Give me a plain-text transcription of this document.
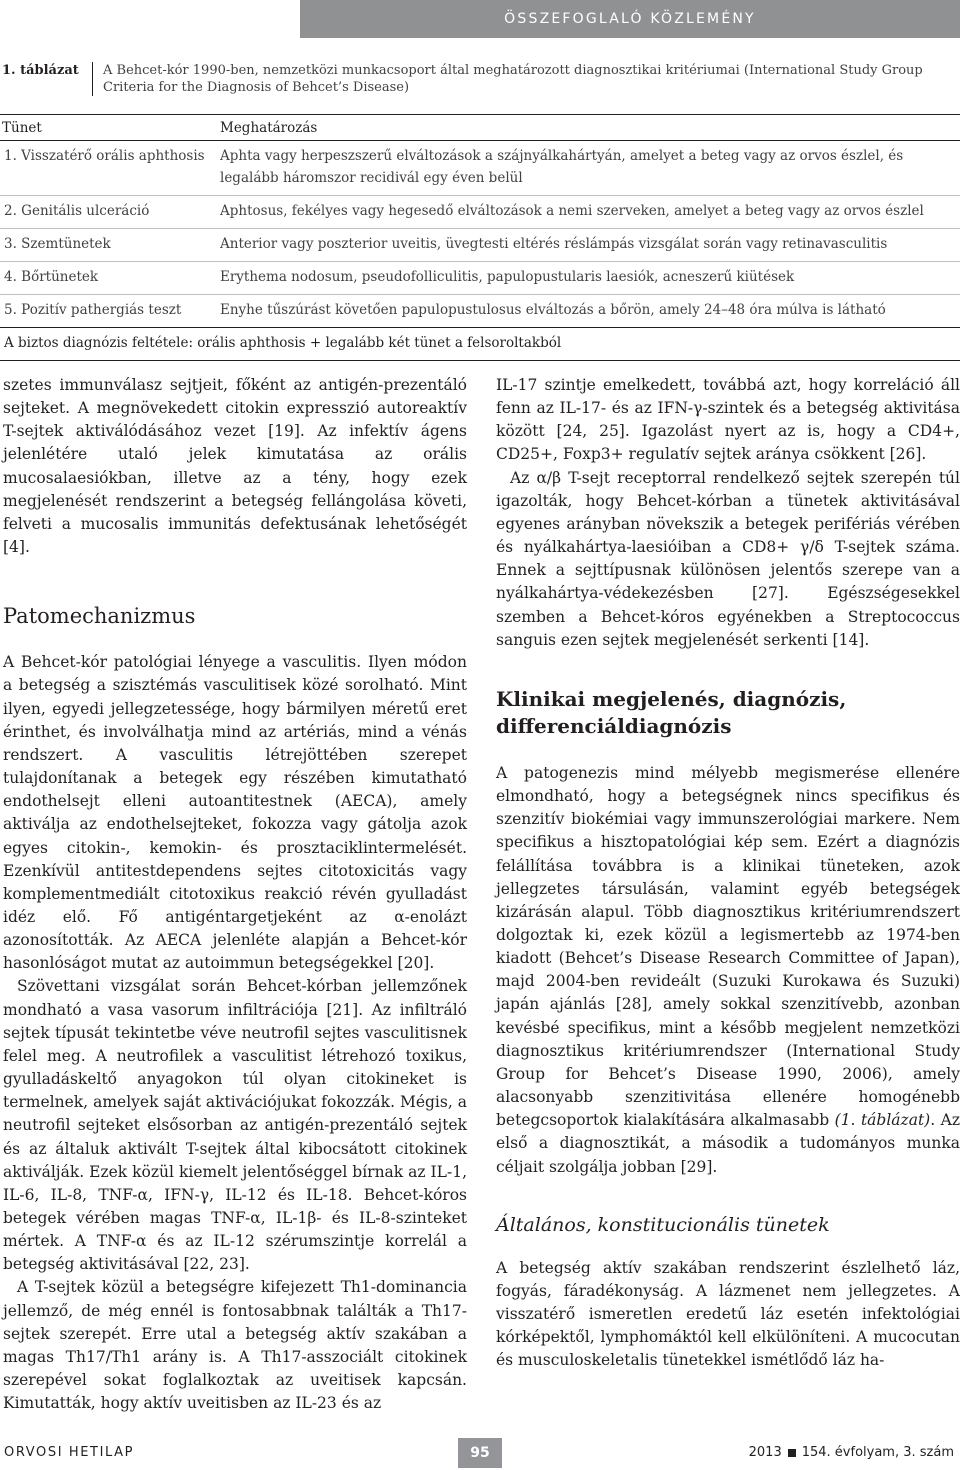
ÖSSZEFOGLALÓ KÖZLEMÉNY
1. táblázat	A Behcet-kór 1990-ben, nemzetközi munkacsoport által meghatározott diagnosztikai kritériumai (International Study Group Criteria for the Diagnosis of Behcet’s Disease)
Tünet	Meghatározás
1. Visszatérő orális aphthosis	Aphta vagy herpeszszerű elváltozások a szájnyálkahártyán, amelyet a beteg vagy az orvos észlel, és legalább háromszor recidivál egy éven belül
2. Genitális ulceráció	Aphtosus, fekélyes vagy hegesedő elváltozások a nemi szerveken, amelyet a beteg vagy az orvos észlel
3. Szemtünetek	Anterior vagy poszterior uveitis, üvegtesti eltérés réslámpás vizsgálat során vagy retinavasculitis
4. Bőrtünetek	Erythema nodosum, pseudofolliculitis, papulopustularis laesiók, acneszerű kiütések
5. Pozitív pathergiás teszt	Enyhe tűszúrást követően papulopustulosus elváltozás a bőrön, amely 24–48 óra múlva is látható
A biztos diagnózis feltétele: orális aphthosis + legalább két tünet a felsoroltakból	

szetes immunválasz sejtjeit, főként az antigén-prezentáló sejteket. A megnövekedett citokin expresszió autoreaktív T-sejtek aktiválódásához vezet [19]. Az infektív ágens jelenlétére utaló jelek kimutatása az orális mucosalaesiókban, illetve az a tény, hogy ezek megjelenését rendszerint a betegség fellángolása követi, felveti a mucosalis immunitás defektusának lehetőségét [4].

Patomechanizmus

A Behcet-kór patológiai lényege a vasculitis. Ilyen módon a betegség a szisztémás vasculitisek közé sorolható. Mint ilyen, egyedi jellegzetessége, hogy bármilyen méretű eret érinthet, és involválhatja mind az artériás, mind a vénás rendszert. A vasculitis létrejöttében szerepet tulajdonítanak a betegek egy részében kimutatható endothelsejt elleni autoantitestnek (AECA), amely aktiválja az endothelsejteket, fokozza vagy gátolja azok egyes citokin-, kemokin- és prosztaciklintermelését. Ezenkívül antitestdependens sejtes citotoxicitás vagy komplementmediált citotoxikus reakció révén gyulladást idéz elő. Fő antigéntargetjeként az α-enolázt azonosították. Az AECA jelenléte alapján a Behcet-kór hasonlóságot mutat az autoimmun betegségekkel [20].

Szövettani vizsgálat során Behcet-kórban jellemzőnek mondható a vasa vasorum infiltrációja [21]. Az infiltráló sejtek típusát tekintetbe véve neutrofil sejtes vasculitisnek felel meg. A neutrofilek a vasculitist létrehozó toxikus, gyulladáskeltő anyagokon túl olyan citokineket is termelnek, amelyek saját aktivációjukat fokozzák. Mégis, a neutrofil sejteket elsősorban az antigén-prezentáló sejtek és az általuk aktivált T-sejtek által kibocsátott citokinek aktiválják. Ezek közül kiemelt jelentőséggel bírnak az IL-1, IL-6, IL-8, TNF-α, IFN-γ, IL-12 és IL-18. Behcet-kóros betegek vérében magas TNF-α, IL-1β- és IL-8-szinteket mértek. A TNF-α és az IL-12 szérumszintje korrelál a betegség aktivitásával [22, 23].

A T-sejtek közül a betegségre kifejezett Th1-dominancia jellemző, de még ennél is fontosabbnak találták a Th17-sejtek szerepét. Erre utal a betegség aktív szakában a magas Th17/Th1 arány is. A Th17-asszociált citokinek szerepével sokat foglalkoztak az uveitisek kapcsán. Kimutatták, hogy aktív uveitisben az IL-23 és az

IL-17 szintje emelkedett, továbbá azt, hogy korreláció áll fenn az IL-17- és az IFN-γ-szintek és a betegség aktivitása között [24, 25]. Igazolást nyert az is, hogy a CD4+, CD25+, Foxp3+ regulatív sejtek aránya csökkent [26].

Az α/β T-sejt receptorral rendelkező sejtek szerepén túl igazolták, hogy Behcet-kórban a tünetek aktivitásával egyenes arányban növekszik a betegek perifériás vérében és nyálkahártya-laesióiban a CD8+ γ/δ T-sejtek száma. Ennek a sejttípusnak különösen jelentős szerepe van a nyálkahártya-védekezésben [27]. Egészségesekkel szemben a Behcet-kóros egyénekben a Streptococcus sanguis ezen sejtek megjelenését serkenti [14].

Klinikai megjelenés, diagnózis, differenciáldiagnózis

A patogenezis mind mélyebb megismerése ellenére elmondható, hogy a betegségnek nincs specifikus és szenzitív biokémiai vagy immunszerológiai markere. Nem specifikus a hisztopatológiai kép sem. Ezért a diagnózis felállítása továbbra is a klinikai tüneteken, azok jellegzetes társulásán, valamint egyéb betegségek kizárásán alapul. Több diagnosztikus kritériumrendszert dolgoztak ki, ezek közül a legismertebb az 1974-ben kiadott (Behcet’s Disease Research Committee of Japan), majd 2004-ben revideált (Suzuki Kurokawa és Suzuki) japán ajánlás [28], amely sokkal szenzitívebb, azonban kevésbé specifikus, mint a később megjelent nemzetközi diagnosztikus kritériumrendszer (International Study Group for Behcet’s Disease 1990, 2006), amely alacsonyabb szenzitivitása ellenére homogénebb betegcsoportok kialakítására alkalmasabb (1. táblázat). Az első a diagnosztikát, a második a tudományos munka céljait szolgálja jobban [29].

Általános, konstitucionális tünetek

A betegség aktív szakában rendszerint észlelhető láz, fogyás, fáradékonyság. A lázmenet nem jellegzetes. A visszatérő ismeretlen eredetű láz esetén infektológiai kórképektől, lymphomáktól kell elkülöníteni. A mucocutan és musculoskeletalis tünetekkel ismétlődő láz ha-

ORVOSI HETILAP	95	2013 154. évfolyam, 3. szám
